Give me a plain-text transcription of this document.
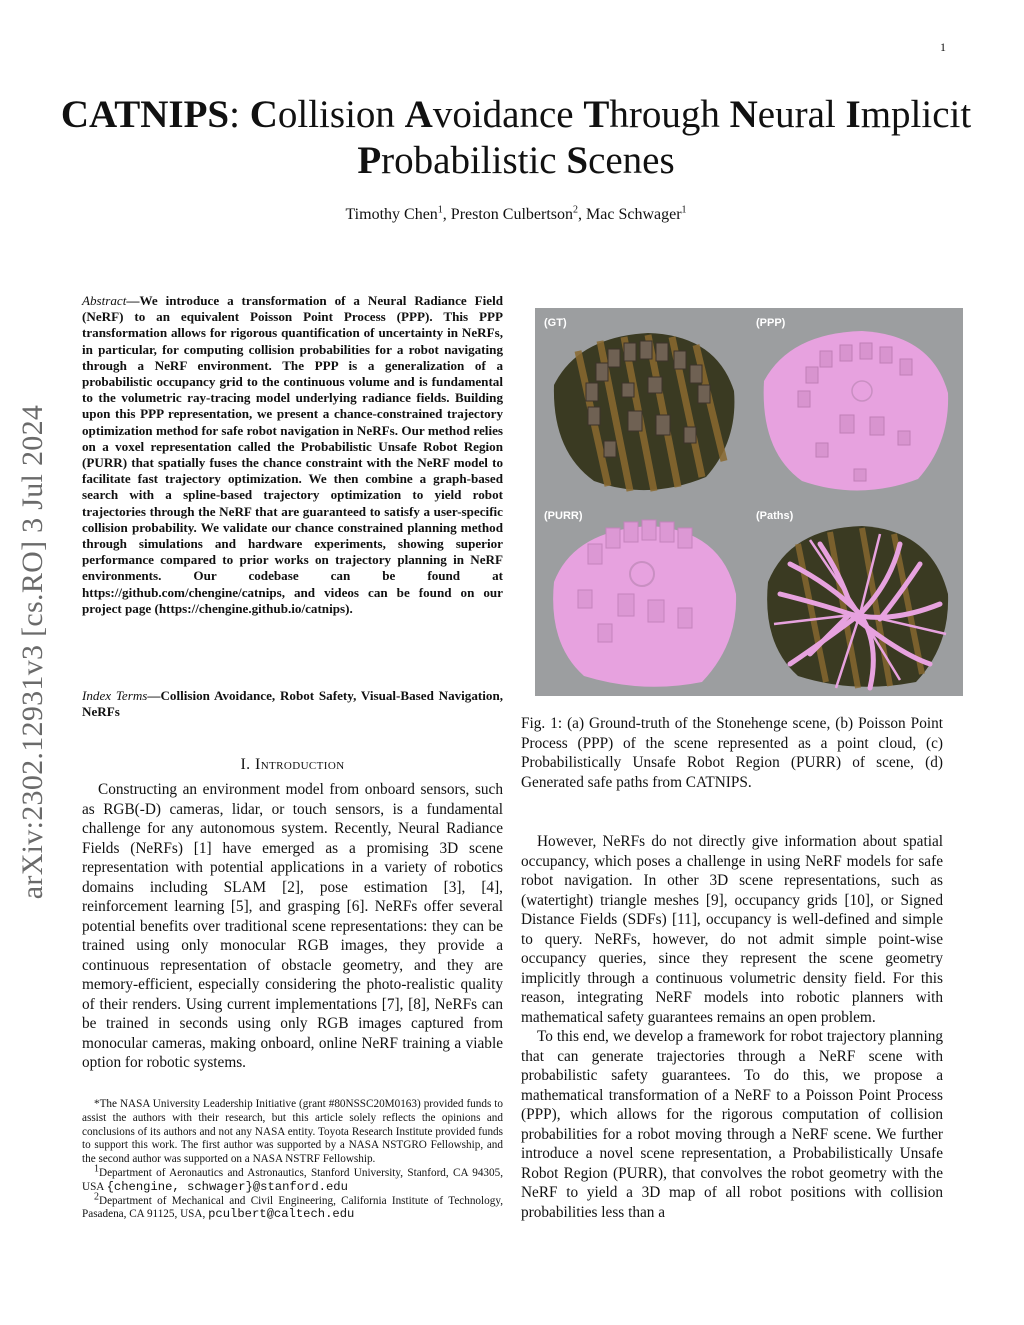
1
arXiv:2302.12931v3 [cs.RO] 3 Jul 2024
CATNIPS: Collision Avoidance Through Neural Implicit Probabilistic Scenes
Timothy Chen$^1$, Preston Culbertson$^2$, Mac Schwager$^1$
Abstract—We introduce a transformation of a Neural Radiance Field (NeRF) to an equivalent Poisson Point Process (PPP). This PPP transformation allows for rigorous quantification of uncertainty in NeRFs, in particular, for computing collision probabilities for a robot navigating through a NeRF environment. The PPP is a generalization of a probabilistic occupancy grid to the continuous volume and is fundamental to the volumetric ray-tracing model underlying radiance fields. Building upon this PPP representation, we present a chance-constrained trajectory optimization method for safe robot navigation in NeRFs. Our method relies on a voxel representation called the Probabilistic Unsafe Robot Region (PURR) that spatially fuses the chance constraint with the NeRF model to facilitate fast trajectory optimization. We then combine a graph-based search with a spline-based trajectory optimization to yield robot trajectories through the NeRF that are guaranteed to satisfy a user-specific collision probability. We validate our chance constrained planning method through simulations and hardware experiments, showing superior performance compared to prior works on trajectory planning in NeRF environments. Our codebase can be found at https://github.com/chengine/catnips, and videos can be found on our project page (https://chengine.github.io/catnips).
Index Terms—Collision Avoidance, Robot Safety, Visual-Based Navigation, NeRFs
I. Introduction

Constructing an environment model from onboard sensors, such as RGB(-D) cameras, lidar, or touch sensors, is a fundamental challenge for any autonomous system. Recently, Neural Radiance Fields (NeRFs) [1] have emerged as a promising 3D scene representation with potential applications in a variety of robotics domains including SLAM [2], pose estimation [3], [4], reinforcement learning [5], and grasping [6]. NeRFs offer several potential benefits over traditional scene representations: they can be trained using only monocular RGB images, they provide a continuous representation of obstacle geometry, and they are memory-efficient, especially considering the photo-realistic quality of their renders. Using current implementations [7], [8], NeRFs can be trained in seconds using only RGB images captured from monocular cameras, making onboard, online NeRF training a viable option for robotic systems.

*The NASA University Leadership Initiative (grant #80NSSC20M0163) provided funds to assist the authors with their research, but this article solely reflects the opinions and conclusions of its authors and not any NASA entity. Toyota Research Institute provided funds to support this work. The first author was supported by a NASA NSTGRO Fellowship, and the second author was supported on a NASA NSTRF Fellowship.

$^1$Department of Aeronautics and Astronautics, Stanford University, Stanford, CA 94305, USA {chengine, schwager}@stanford.edu

$^2$Department of Mechanical and Civil Engineering, California Institute of Technology, Pasadena, CA 91125, USA, pculbert@caltech.edu

(GT)	(PPP)
(PURR)	(Paths)
Fig. 1: (a) Ground-truth of the Stonehenge scene, (b) Poisson Point Process (PPP) of the scene represented as a point cloud, (c) Probabilistically Unsafe Robot Region (PURR) of scene, (d) Generated safe paths from CATNIPS.

However, NeRFs do not directly give information about spatial occupancy, which poses a challenge in using NeRF models for safe robot navigation. In other 3D scene representations, such as (watertight) triangle meshes [9], occupancy grids [10], or Signed Distance Fields (SDFs) [11], occupancy is well-defined and simple to query. NeRFs, however, do not admit simple point-wise occupancy queries, since they represent the scene geometry implicitly through a continuous volumetric density field. For this reason, integrating NeRF models into robotic planners with mathematical safety guarantees remains an open problem.

To this end, we develop a framework for robot trajectory planning that can generate trajectories through a NeRF scene with probabilistic safety guarantees. To do this, we propose a mathematical transformation of a NeRF to a Poisson Point Process (PPP), which allows for the rigorous computation of collision probabilities for a robot moving through a NeRF scene. We further introduce a novel scene representation, a Probabilistically Unsafe Robot Region (PURR), that convolves the robot geometry with the NeRF to yield a 3D map of all robot positions with collision probabilities less than a
